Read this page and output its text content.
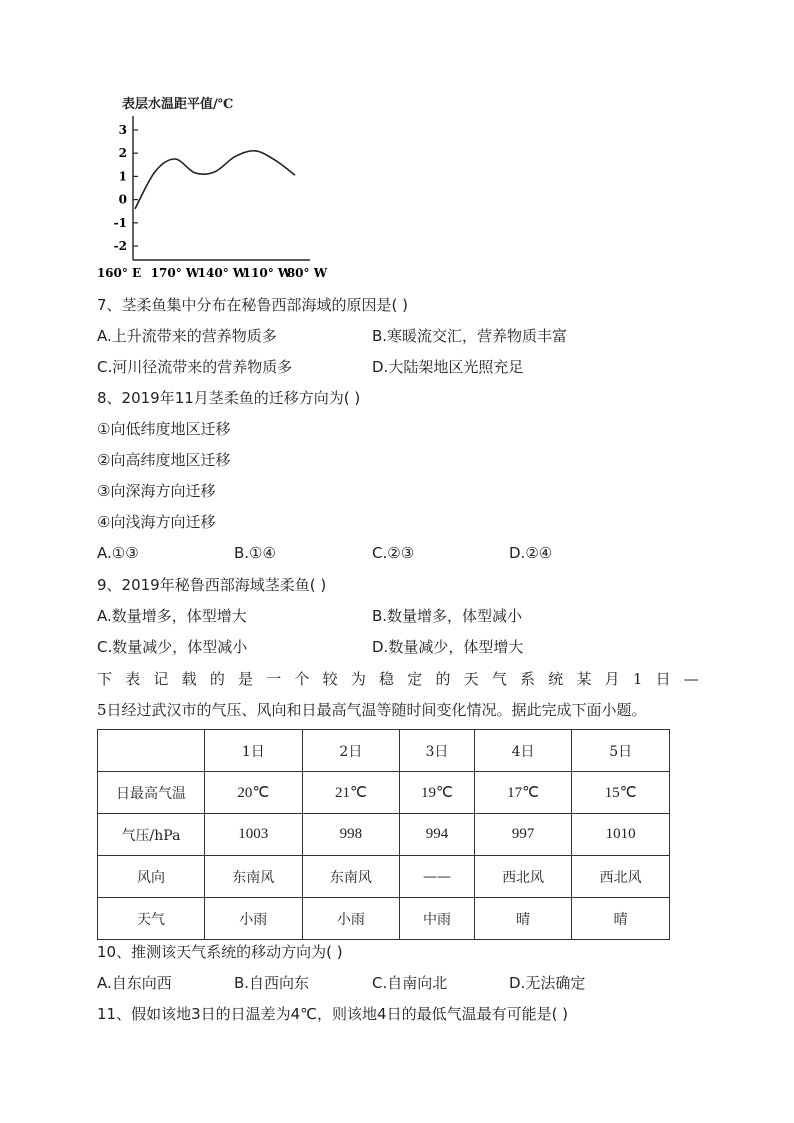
表层水温距平值/℃
3
2
1
0
-1
-2
160° E 170° W
140° W
110° W
80° W
7、茎柔鱼集中分布在秘鲁西部海域的原因是( )
A.上升流带来的营养物质多	B.寒暖流交汇，营养物质丰富
C.河川径流带来的营养物质多	D.大陆架地区光照充足
8、2019年11月茎柔鱼的迁移方向为( )
①向低纬度地区迁移
②向高纬度地区迁移
③向深海方向迁移
④向浅海方向迁移
A.①③	B.①④	C.②③	D.②④
9、2019年秘鲁西部海域茎柔鱼( )
A.数量增多，体型增大	B.数量增多，体型减小
C.数量减少，体型减小	D.数量减少，体型增大
下 表 记 载 的 是 一 个 较 为 稳 定 的 天 气 系 统 某 月 1 日 —
5日经过武汉市的气压、风向和日最高气温等随时间变化情况。据此完成下面小题。
	1日	2日	3日	4日	5日
日最高气温	20℃	21℃	19℃	17℃	15℃
气压/hPa	1003	998	994	997	1010
风向	东南风	东南风	——	西北风	西北风
天气	小雨	小雨	中雨	晴	晴
10、推测该天气系统的移动方向为( )
A.自东向西	B.自西向东	C.自南向北	D.无法确定
11、假如该地3日的日温差为4℃，则该地4日的最低气温最有可能是( )
